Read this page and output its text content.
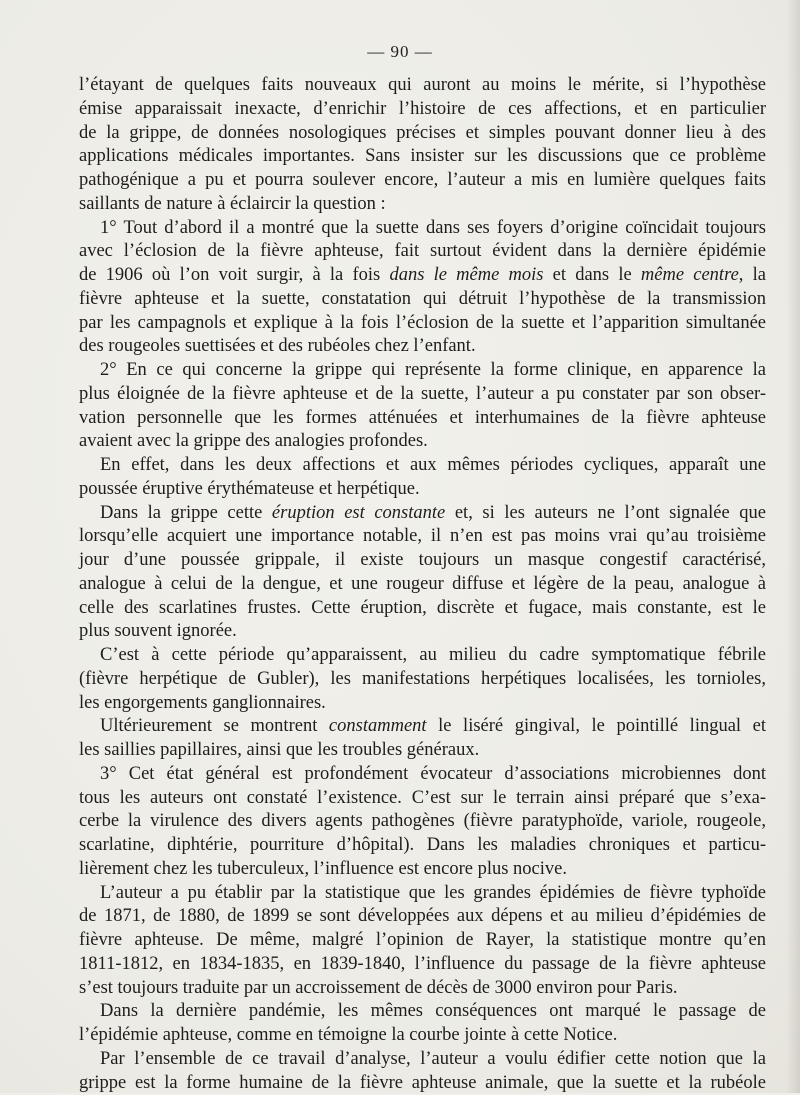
— 90 —
l’étayant de quelques faits nouveaux qui auront au moins le mérite, si l’hypothèse
émise apparaissait inexacte, d’enrichir l’histoire de ces affections, et en particulier
de la grippe, de données nosologiques précises et simples pouvant donner lieu à des
applications médicales importantes. Sans insister sur les discussions que ce problème
pathogénique a pu et pourra soulever encore, l’auteur a mis en lumière quelques faits
saillants de nature à éclaircir la question :
1° Tout d’abord il a montré que la suette dans ses foyers d’origine coïncidait toujours
avec l’éclosion de la fièvre aphteuse, fait surtout évident dans la dernière épidémie
de 1906 où l’on voit surgir, à la fois dans le même mois et dans le même centre, la
fièvre aphteuse et la suette, constatation qui détruit l’hypothèse de la transmission
par les campagnols et explique à la fois l’éclosion de la suette et l’apparition simultanée
des rougeoles suettisées et des rubéoles chez l’enfant.
2° En ce qui concerne la grippe qui représente la forme clinique, en apparence la
plus éloignée de la fièvre aphteuse et de la suette, l’auteur a pu constater par son obser-
vation personnelle que les formes atténuées et interhumaines de la fièvre aphteuse
avaient avec la grippe des analogies profondes.
En effet, dans les deux affections et aux mêmes périodes cycliques, apparaît une
poussée éruptive érythémateuse et herpétique.
Dans la grippe cette éruption est constante et, si les auteurs ne l’ont signalée que
lorsqu’elle acquiert une importance notable, il n’en est pas moins vrai qu’au troisième
jour d’une poussée grippale, il existe toujours un masque congestif caractérisé,
analogue à celui de la dengue, et une rougeur diffuse et légère de la peau, analogue à
celle des scarlatines frustes. Cette éruption, discrète et fugace, mais constante, est le
plus souvent ignorée.
C’est à cette période qu’apparaissent, au milieu du cadre symptomatique fébrile
(fièvre herpétique de Gubler), les manifestations herpétiques localisées, les tornioles,
les engorgements ganglionnaires.
Ultérieurement se montrent constamment le liséré gingival, le pointillé lingual et
les saillies papillaires, ainsi que les troubles généraux.
3° Cet état général est profondément évocateur d’associations microbiennes dont
tous les auteurs ont constaté l’existence. C’est sur le terrain ainsi préparé que s’exa-
cerbe la virulence des divers agents pathogènes (fièvre paratyphoïde, variole, rougeole,
scarlatine, diphtérie, pourriture d’hôpital). Dans les maladies chroniques et particu-
lièrement chez les tuberculeux, l’influence est encore plus nocive.
L’auteur a pu établir par la statistique que les grandes épidémies de fièvre typhoïde
de 1871, de 1880, de 1899 se sont développées aux dépens et au milieu d’épidémies de
fièvre aphteuse. De même, malgré l’opinion de Rayer, la statistique montre qu’en
1811-1812, en 1834-1835, en 1839-1840, l’influence du passage de la fièvre aphteuse
s’est toujours traduite par un accroissement de décès de 3000 environ pour Paris.
Dans la dernière pandémie, les mêmes conséquences ont marqué le passage de
l’épidémie aphteuse, comme en témoigne la courbe jointe à cette Notice.
Par l’ensemble de ce travail d’analyse, l’auteur a voulu édifier cette notion que la
grippe est la forme humaine de la fièvre aphteuse animale, que la suette et la rubéole
